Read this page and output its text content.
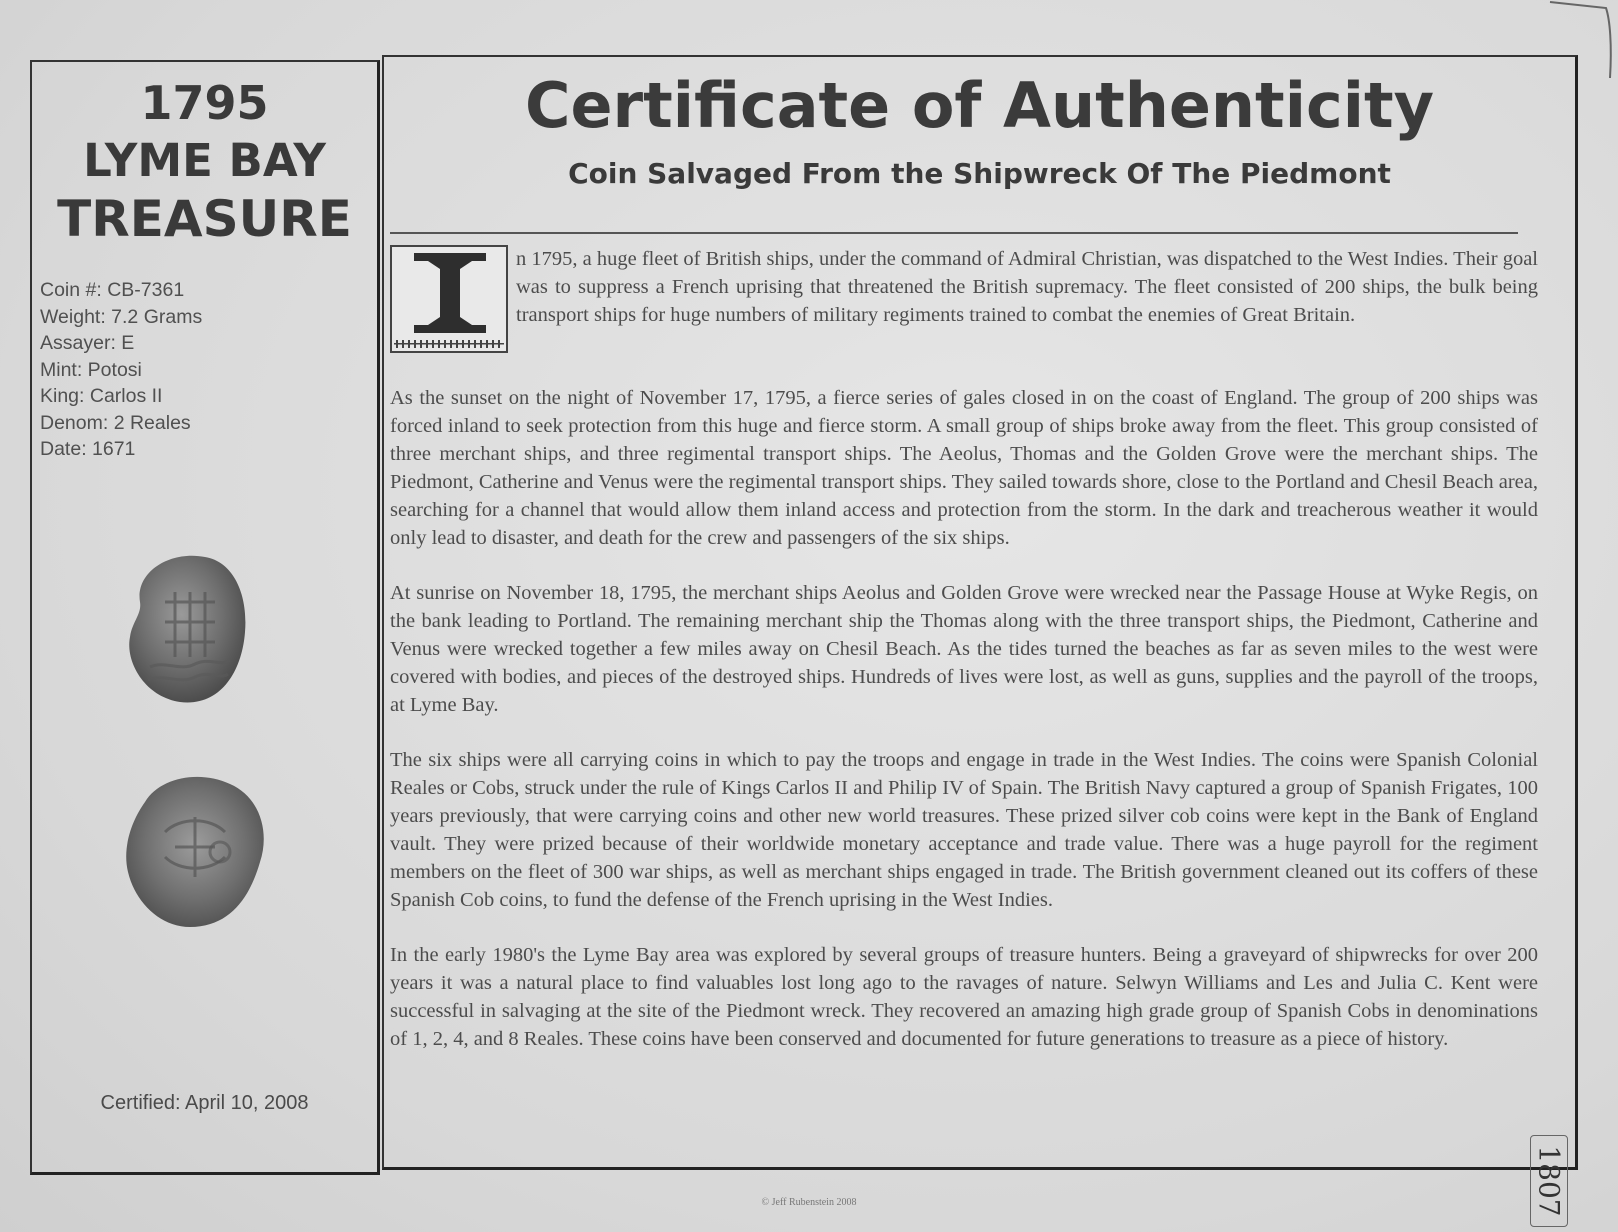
1795
LYME BAY
TREASURE
Coin #: CB-7361
Weight: 7.2 Grams
Assayer: E
Mint: Potosi
King: Carlos II
Denom: 2 Reales
Date: 1671
Certified: April 10, 2008
Certificate of Authenticity
Coin Salvaged From the Shipwreck Of The Piedmont

n 1795, a huge fleet of British ships, under the command of Admiral Christian, was dispatched to the West Indies. Their goal was to suppress a French uprising that threatened the British supremacy. The fleet consisted of 200 ships, the bulk being transport ships for huge numbers of military regiments trained to combat the enemies of Great Britain.

As the sunset on the night of November 17, 1795, a fierce series of gales closed in on the coast of England. The group of 200 ships was forced inland to seek protection from this huge and fierce storm. A small group of ships broke away from the fleet. This group consisted of three merchant ships, and three regimental transport ships. The Aeolus, Thomas and the Golden Grove were the merchant ships. The Piedmont, Catherine and Venus were the regimental transport ships. They sailed towards shore, close to the Portland and Chesil Beach area, searching for a channel that would allow them inland access and protection from the storm. In the dark and treacherous weather it would only lead to disaster, and death for the crew and passengers of the six ships.

At sunrise on November 18, 1795, the merchant ships Aeolus and Golden Grove were wrecked near the Passage House at Wyke Regis, on the bank leading to Portland. The remaining merchant ship the Thomas along with the three transport ships, the Piedmont, Catherine and Venus were wrecked together a few miles away on Chesil Beach. As the tides turned the beaches as far as seven miles to the west were covered with bodies, and pieces of the destroyed ships. Hundreds of lives were lost, as well as guns, supplies and the payroll of the troops, at Lyme Bay.

The six ships were all carrying coins in which to pay the troops and engage in trade in the West Indies. The coins were Spanish Colonial Reales or Cobs, struck under the rule of Kings Carlos II and Philip IV of Spain. The British Navy captured a group of Spanish Frigates, 100 years previously, that were carrying coins and other new world treasures. These prized silver cob coins were kept in the Bank of England vault. They were prized because of their worldwide monetary acceptance and trade value. There was a huge payroll for the regiment members on the fleet of 300 war ships, as well as merchant ships engaged in trade. The British government cleaned out its coffers of these Spanish Cob coins, to fund the defense of the French uprising in the West Indies.

In the early 1980's the Lyme Bay area was explored by several groups of treasure hunters. Being a graveyard of shipwrecks for over 200 years it was a natural place to find valuables lost long ago to the ravages of nature. Selwyn Williams and Les and Julia C. Kent were successful in salvaging at the site of the Piedmont wreck. They recovered an amazing high grade group of Spanish Cobs in denominations of 1, 2, 4, and 8 Reales. These coins have been conserved and documented for future generations to treasure as a piece of history.

© Jeff Rubenstein 2008	1807
